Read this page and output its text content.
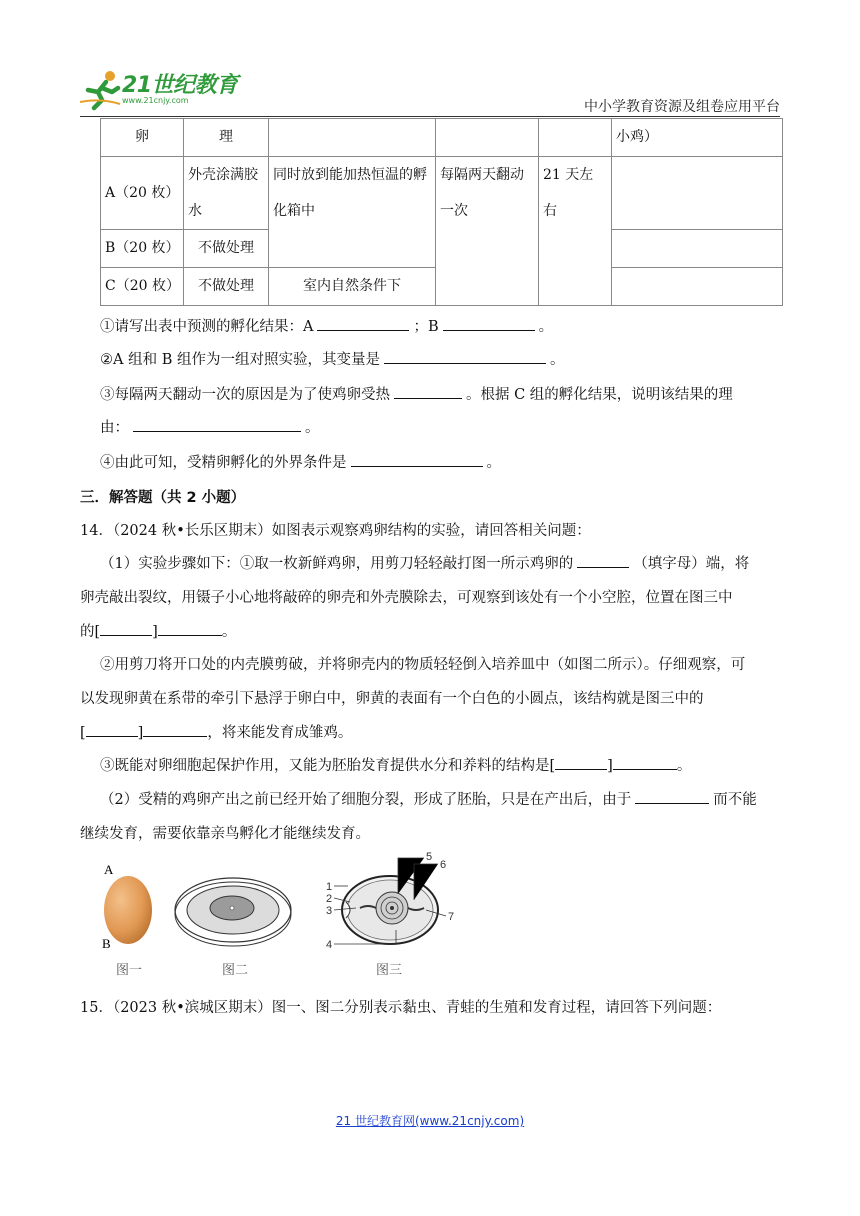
21世纪教育
www.21cnjy.com	中小学教育资源及组卷应用平台
卵	理				小鸡）
A（20 枚）	外壳涂满胶水	同时放到能加热恒温的孵化箱中	每隔两天翻动一次	21 天左右	
B（20 枚）	不做处理				
C（20 枚）	不做处理	室内自然条件下			
①请写出表中预测的孵化结果：A	；B	。
②A 组和 B 组作为一组对照实验，其变量是	。
③每隔两天翻动一次的原因是为了使鸡卵受热	。根据 C 组的孵化结果，说明该结果的理
由：	。
④由此可知，受精卵孵化的外界条件是	。
三．解答题（共 2 小题）
14．（2024 秋•长乐区期末）如图表示观察鸡卵结构的实验，请回答相关问题：
（1）实验步骤如下：①取一枚新鲜鸡卵，用剪刀轻轻敲打图一所示鸡卵的	（填字母）端，将
卵壳敲出裂纹，用镊子小心地将敲碎的卵壳和外壳膜除去，可观察到该处有一个小空腔，位置在图三中
的[	]	。
②用剪刀将开口处的内壳膜剪破，并将卵壳内的物质轻轻倒入培养皿中（如图二所示）。仔细观察，可
以发现卵黄在系带的牵引下悬浮于卵白中，卵黄的表面有一个白色的小圆点，该结构就是图三中的
[	]	，将来能发育成雏鸡。
③既能对卵细胞起保护作用，又能为胚胎发育提供水分和养料的结构是[	]	。
（2）受精的鸡卵产出之前已经开始了细胞分裂，形成了胚胎，只是在产出后，由于	而不能
继续发育，需要依靠亲鸟孵化才能继续发育。
A
B
图一	图二
1
2
3
4
5
6
7
图三
15．（2023 秋•滨城区期末）图一、图二分别表示黏虫、青蛙的生殖和发育过程，请回答下列问题：
21 世纪教育网(www.21cnjy.com)
